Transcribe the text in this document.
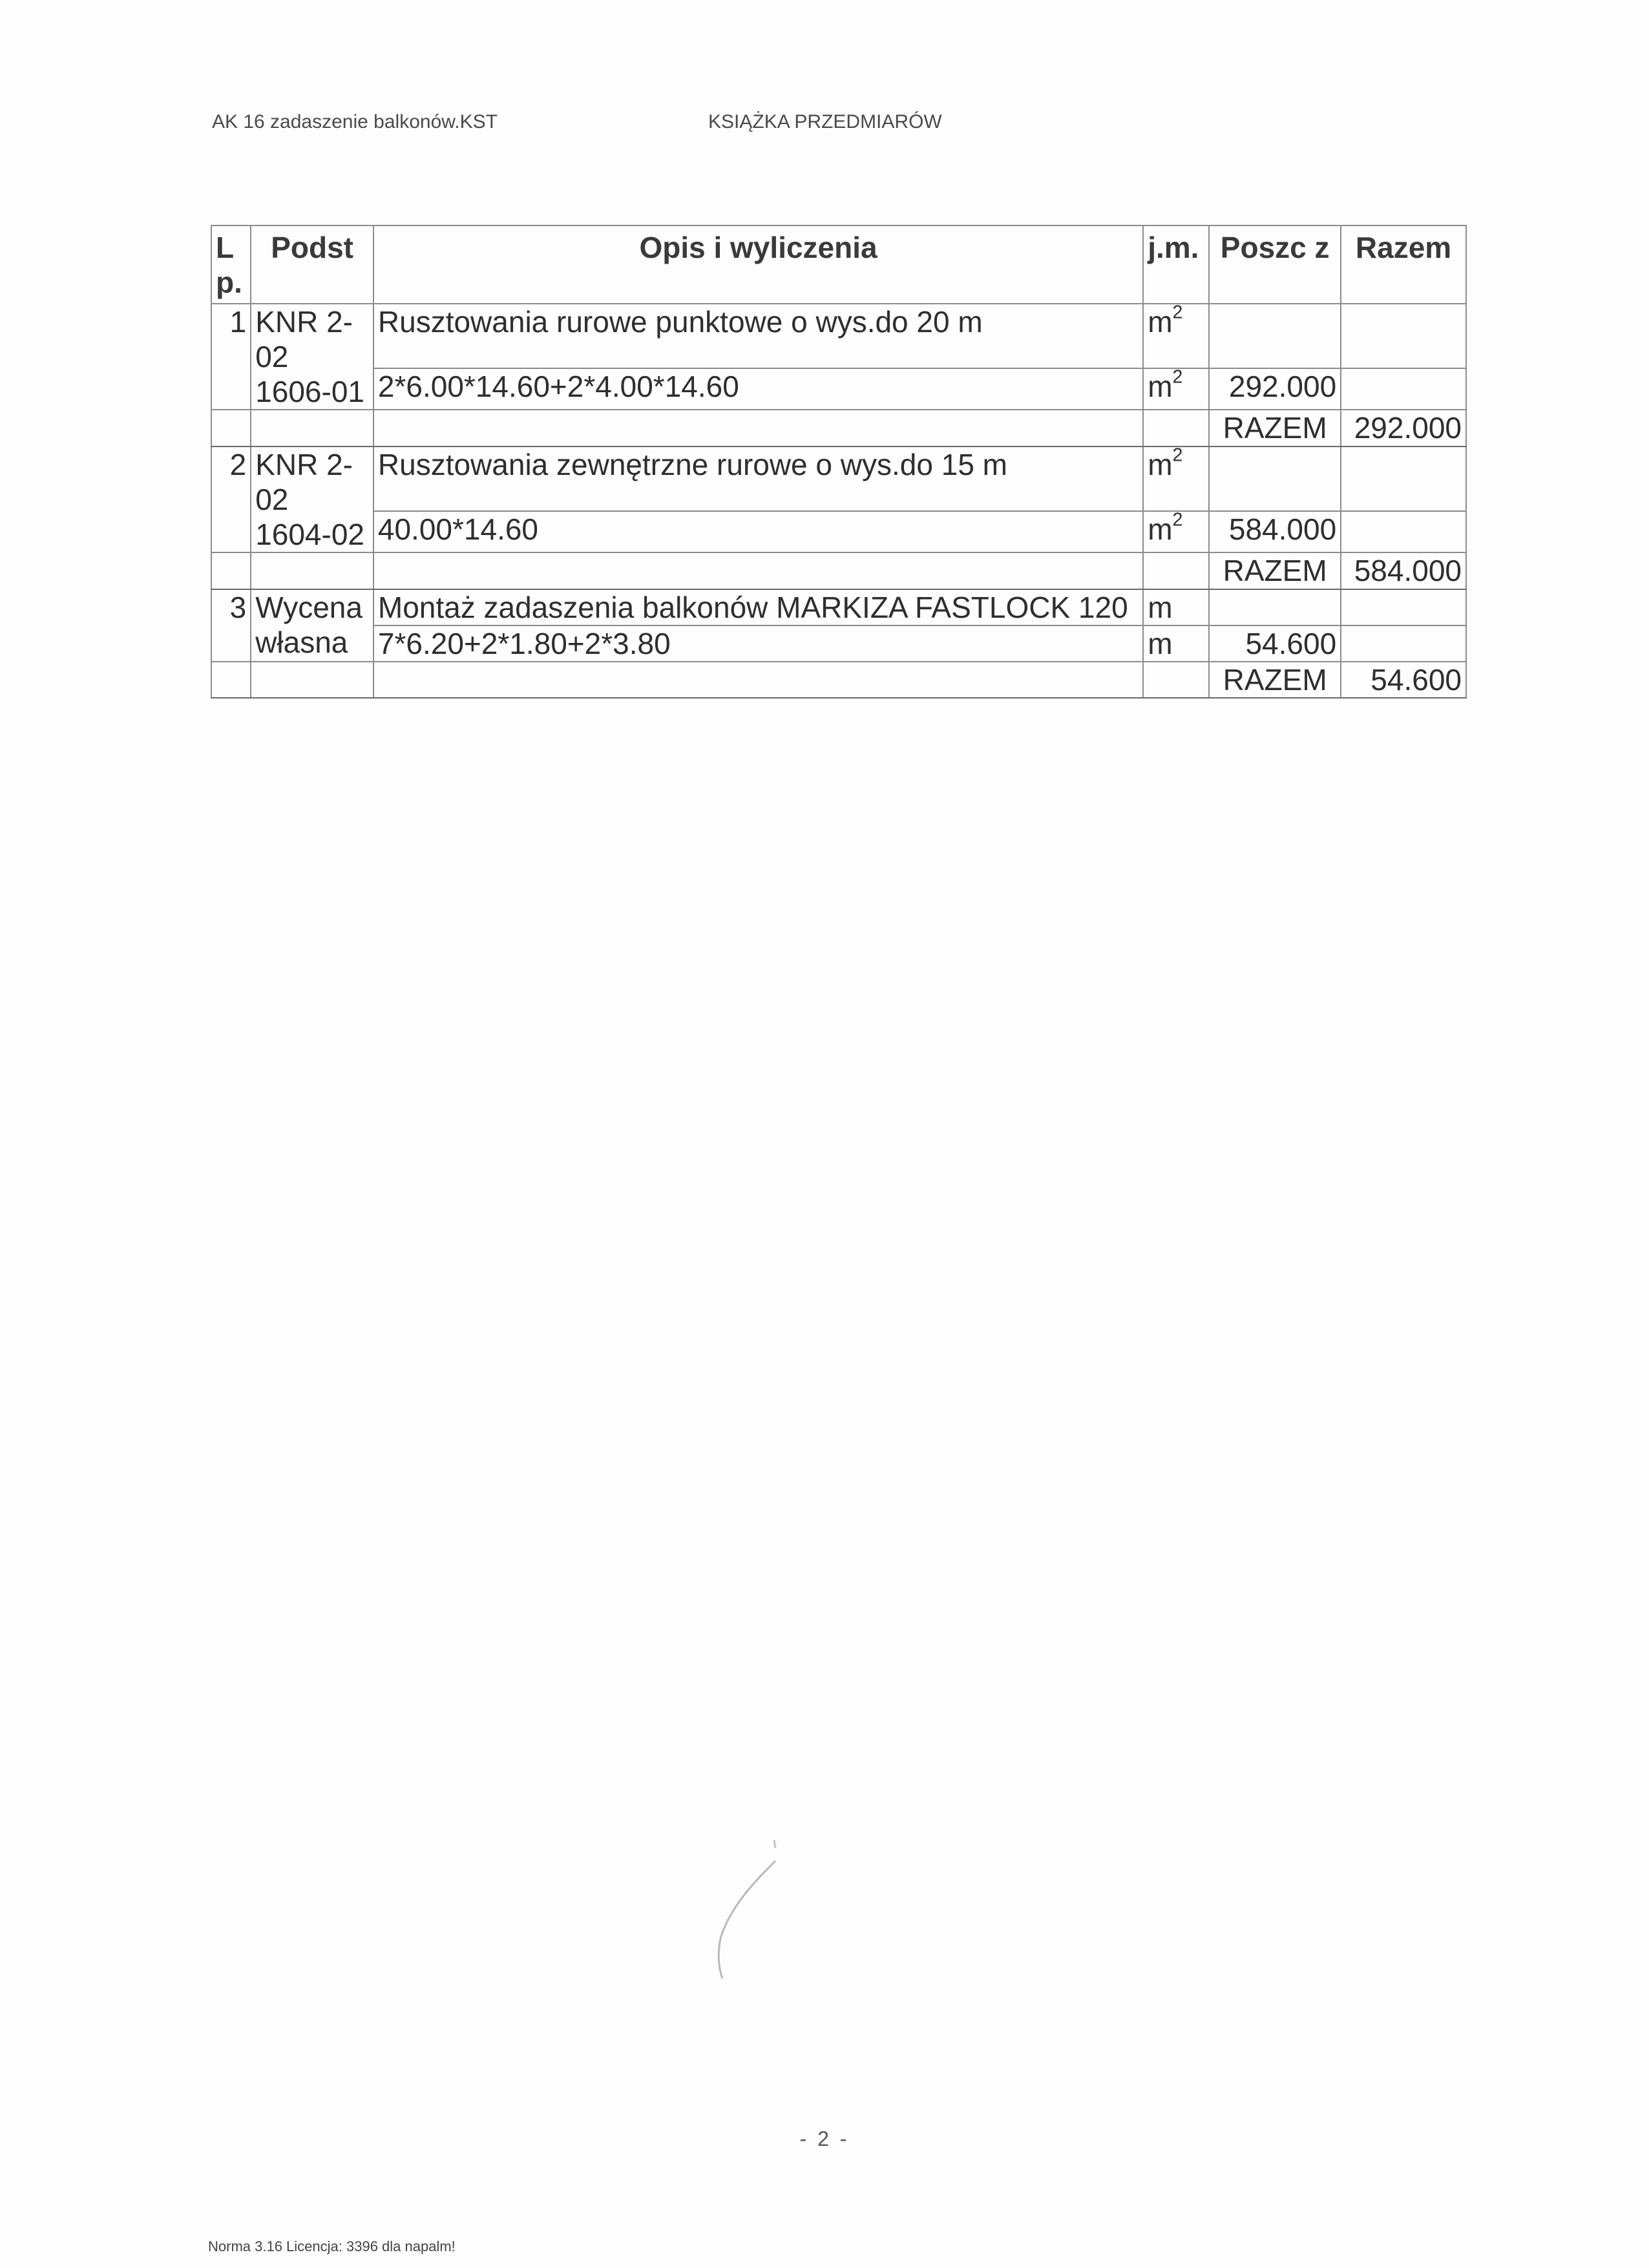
AK 16 zadaszenie balkonów.KST	KSIĄŻKA PRZEDMIARÓW
L p.	Podst	Opis i wyliczenia	j.m.	Poszc z	Razem
1	KNR 2-02 1606-01	Rusztowania rurowe punktowe o wys.do 20 m	$m^2$		
		2*6.00*14.60+2*4.00*14.60	$m^2$	292.000	
				RAZEM	292.000
2	KNR 2-02 1604-02	Rusztowania zewnętrzne rurowe o wys.do 15 m	$m^2$		
		40.00*14.60	$m^2$	584.000	
				RAZEM	584.000
3	Wycena własna	Montaż zadaszenia balkonów MARKIZA FASTLOCK 120	m		
		7*6.20+2*1.80+2*3.80	m	54.600	
				RAZEM	54.600
- 2 -
Norma 3.16 Licencja: 3396 dla napalm!
